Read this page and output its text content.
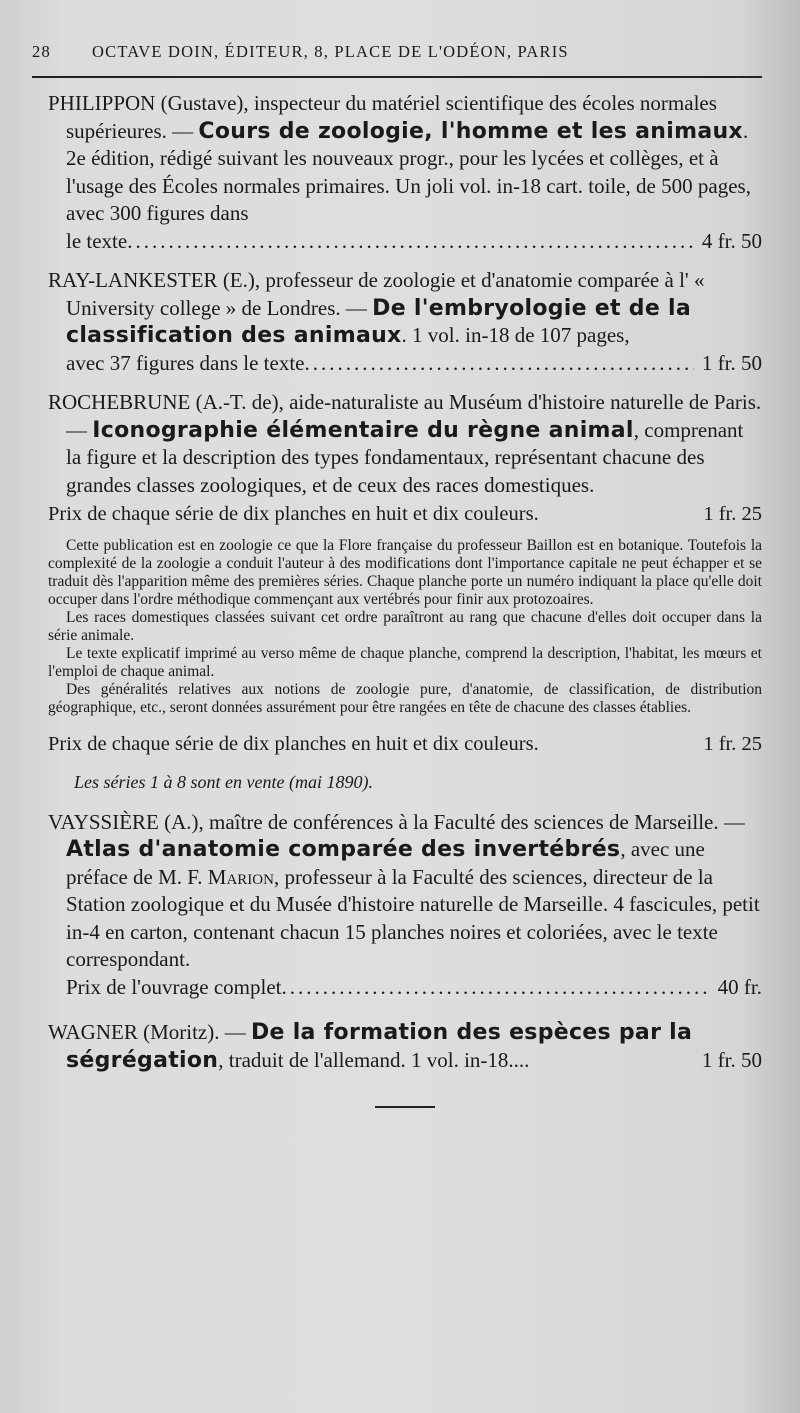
28	OCTAVE DOIN, ÉDITEUR, 8, PLACE DE L'ODÉON, PARIS

PHILIPPON (Gustave), inspecteur du matériel scientifique des écoles normales supérieures. — Cours de zoologie, l'homme et les animaux. 2e édition, rédigé suivant les nouveaux progr., pour les lycées et collèges, et à l'usage des Écoles normales primaires. Un joli vol. in-18 cart. toile, de 500 pages, avec 300 figures dans

le texte .....	4 fr. 50

RAY-LANKESTER (E.), professeur de zoologie et d'anatomie comparée à l' « University college » de Londres. — De l'embryologie et de la classification des animaux. 1 vol. in-18 de 107 pages,

avec 37 figures dans le texte .....	1 fr. 50

ROCHEBRUNE (A.-T. de), aide-naturaliste au Muséum d'histoire naturelle de Paris. — Iconographie élémentaire du règne animal, comprenant la figure et la description des types fondamentaux, représentant chacune des grandes classes zoologiques, et de ceux des races domestiques.

Prix de chaque série de dix planches en huit et dix couleurs.	1 fr. 25

Cette publication est en zoologie ce que la Flore française du professeur Baillon est en botanique. Toutefois la complexité de la zoologie a conduit l'auteur à des modifications dont l'importance capitale ne peut échapper et se traduit dès l'apparition même des premières séries. Chaque planche porte un numéro indiquant la place qu'elle doit occuper dans l'ordre méthodique commençant aux vertébrés pour finir aux protozoaires.

Les races domestiques classées suivant cet ordre paraîtront au rang que chacune d'elles doit occuper dans la série animale.

Le texte explicatif imprimé au verso même de chaque planche, comprend la description, l'habitat, les mœurs et l'emploi de chaque animal.

Des généralités relatives aux notions de zoologie pure, d'anatomie, de classification, de distribution géographique, etc., seront données assurément pour être rangées en tête de chacune des classes établies.

Prix de chaque série de dix planches en huit et dix couleurs.	1 fr. 25
Les séries 1 à 8 sont en vente (mai 1890).

VAYSSIÈRE (A.), maître de conférences à la Faculté des sciences de Marseille. — Atlas d'anatomie comparée des invertébrés, avec une préface de M. F. Marion, professeur à la Faculté des sciences, directeur de la Station zoologique et du Musée d'histoire naturelle de Marseille. 4 fascicules, petit in-4 en carton, contenant chacun 15 planches noires et coloriées, avec le texte correspondant.

Prix de l'ouvrage complet .....	40 fr.

WAGNER (Moritz). — De la formation des espèces par la ségrégation, traduit de l'allemand. 1 vol. in-18....	1 fr. 50
